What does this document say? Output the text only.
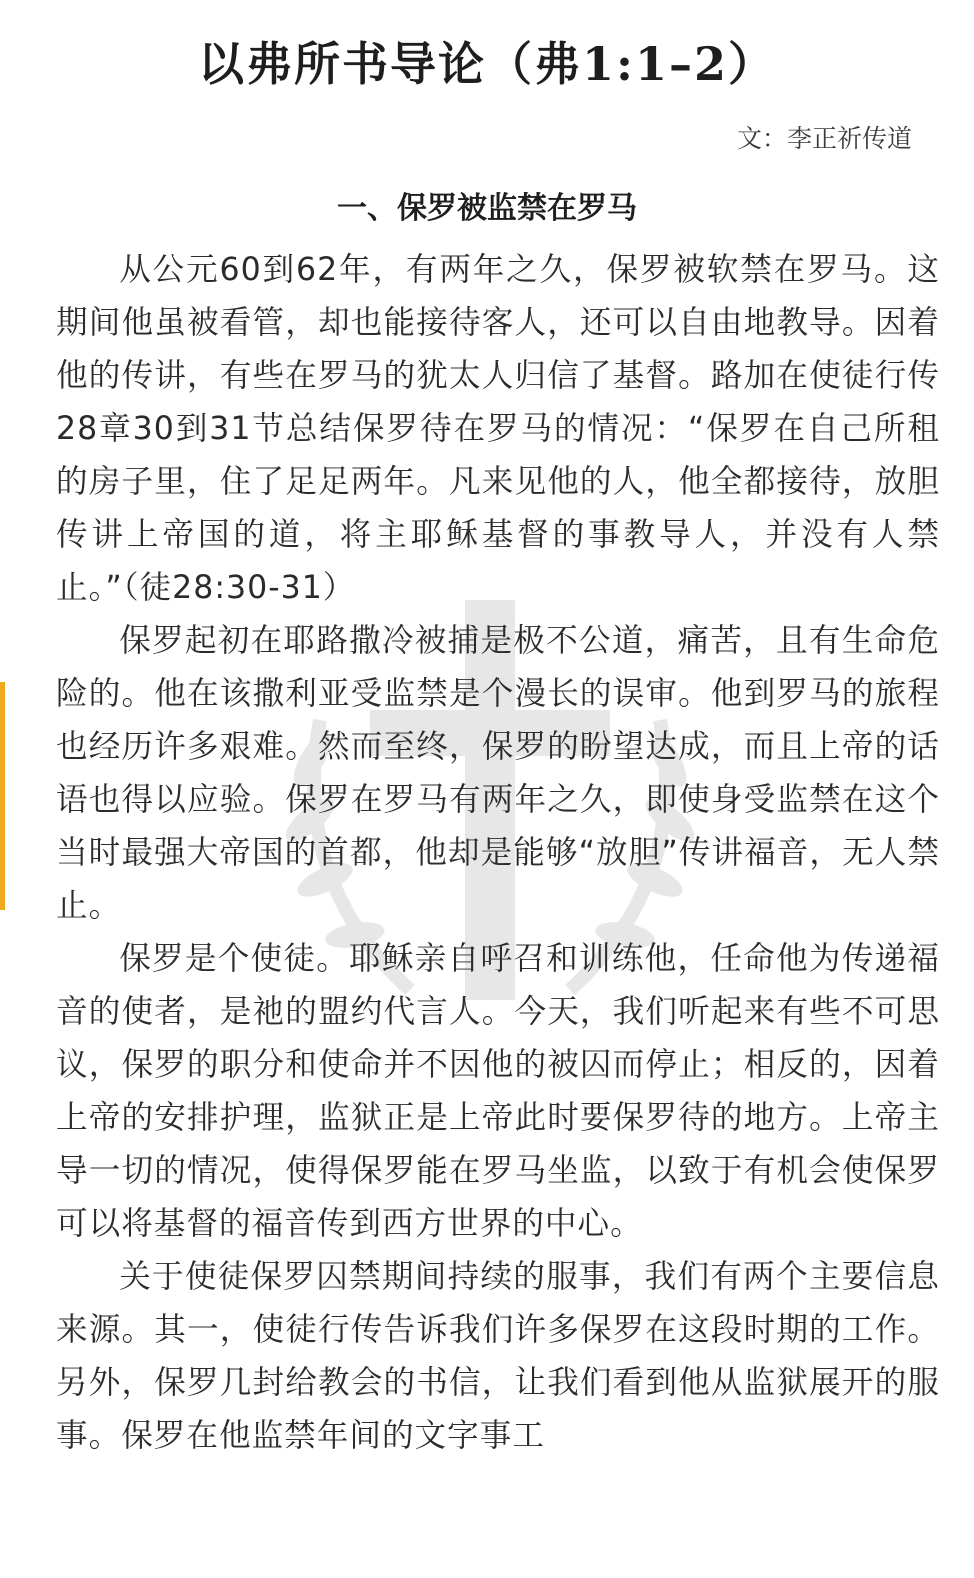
以弗所书导论（弗1:1–2）
文：李正祈传道
一、保罗被监禁在罗马

从公元60到62年，有两年之久，保罗被软禁在罗马。这期间他虽被看管，却也能接待客人，还可以自由地教导。因着他的传讲，有些在罗马的犹太人归信了基督。路加在使徒行传28章30到31节总结保罗待在罗马的情况：“保罗在自己所租的房子里，住了足足两年。凡来见他的人，他全都接待，放胆传讲上帝国的道，将主耶稣基督的事教导人，并没有人禁止。”（徒28:30-31）

保罗起初在耶路撒冷被捕是极不公道，痛苦，且有生命危险的。他在该撒利亚受监禁是个漫长的误审。他到罗马的旅程也经历许多艰难。然而至终，保罗的盼望达成，而且上帝的话语也得以应验。保罗在罗马有两年之久，即使身受监禁在这个当时最强大帝国的首都，他却是能够“放胆”传讲福音，无人禁止。

保罗是个使徒。耶稣亲自呼召和训练他，任命他为传递福音的使者，是祂的盟约代言人。今天，我们听起来有些不可思议，保罗的职分和使命并不因他的被囚而停止；相反的，因着上帝的安排护理，监狱正是上帝此时要保罗待的地方。上帝主导一切的情况，使得保罗能在罗马坐监，以致于有机会使保罗可以将基督的福音传到西方世界的中心。

关于使徒保罗囚禁期间持续的服事，我们有两个主要信息来源。其一，使徒行传告诉我们许多保罗在这段时期的工作。另外，保罗几封给教会的书信，让我们看到他从监狱展开的服事。保罗在他监禁年间的文字事工
